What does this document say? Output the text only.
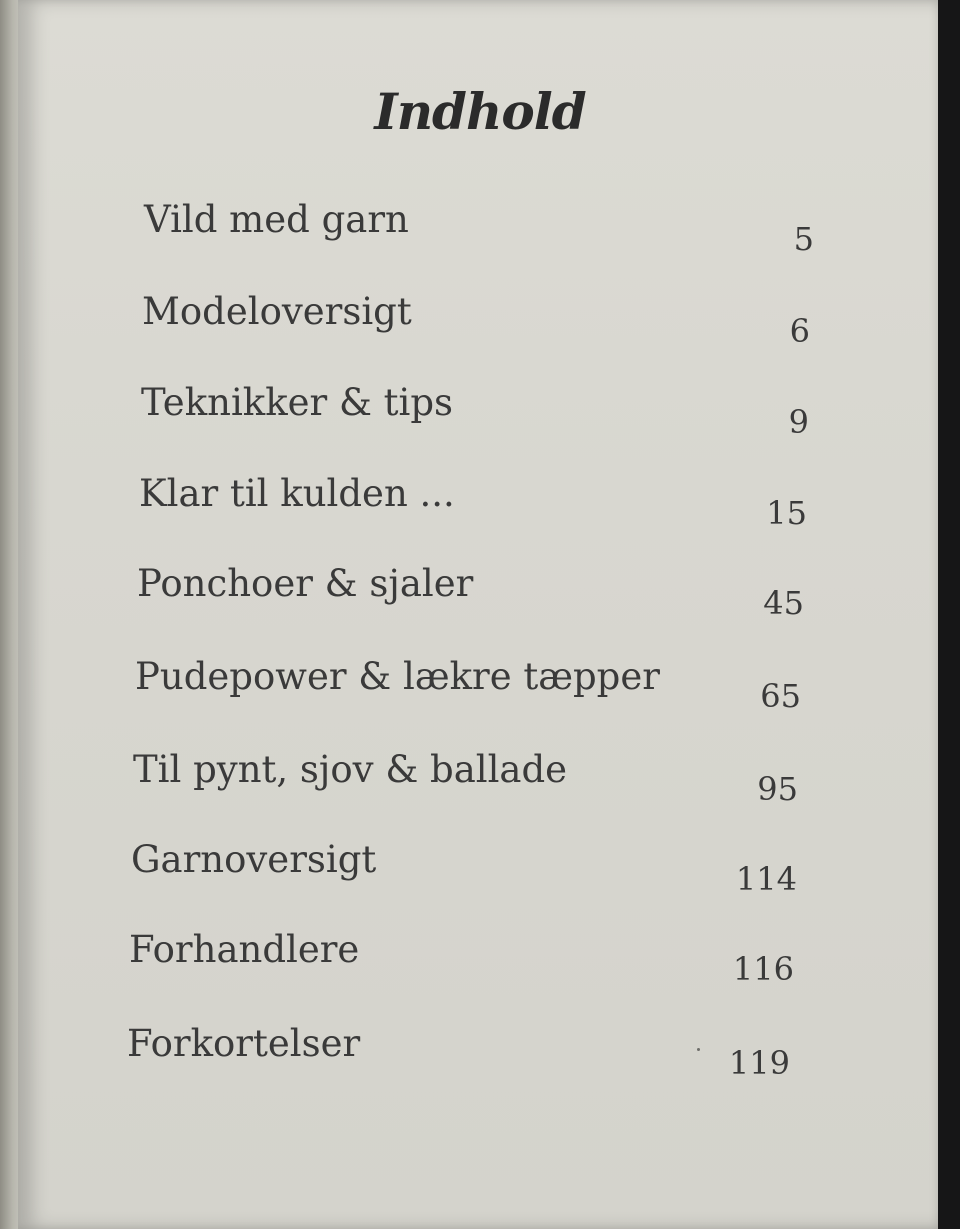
Indhold
Vild med garn	5
Modeloversigt	6
Teknikker & tips	9
Klar til kulden ...	15
Ponchoer & sjaler	45
Pudepower & lækre tæpper	65
Til pynt, sjov & ballade	95
Garnoversigt	114
Forhandlere	116
Forkortelser	119
